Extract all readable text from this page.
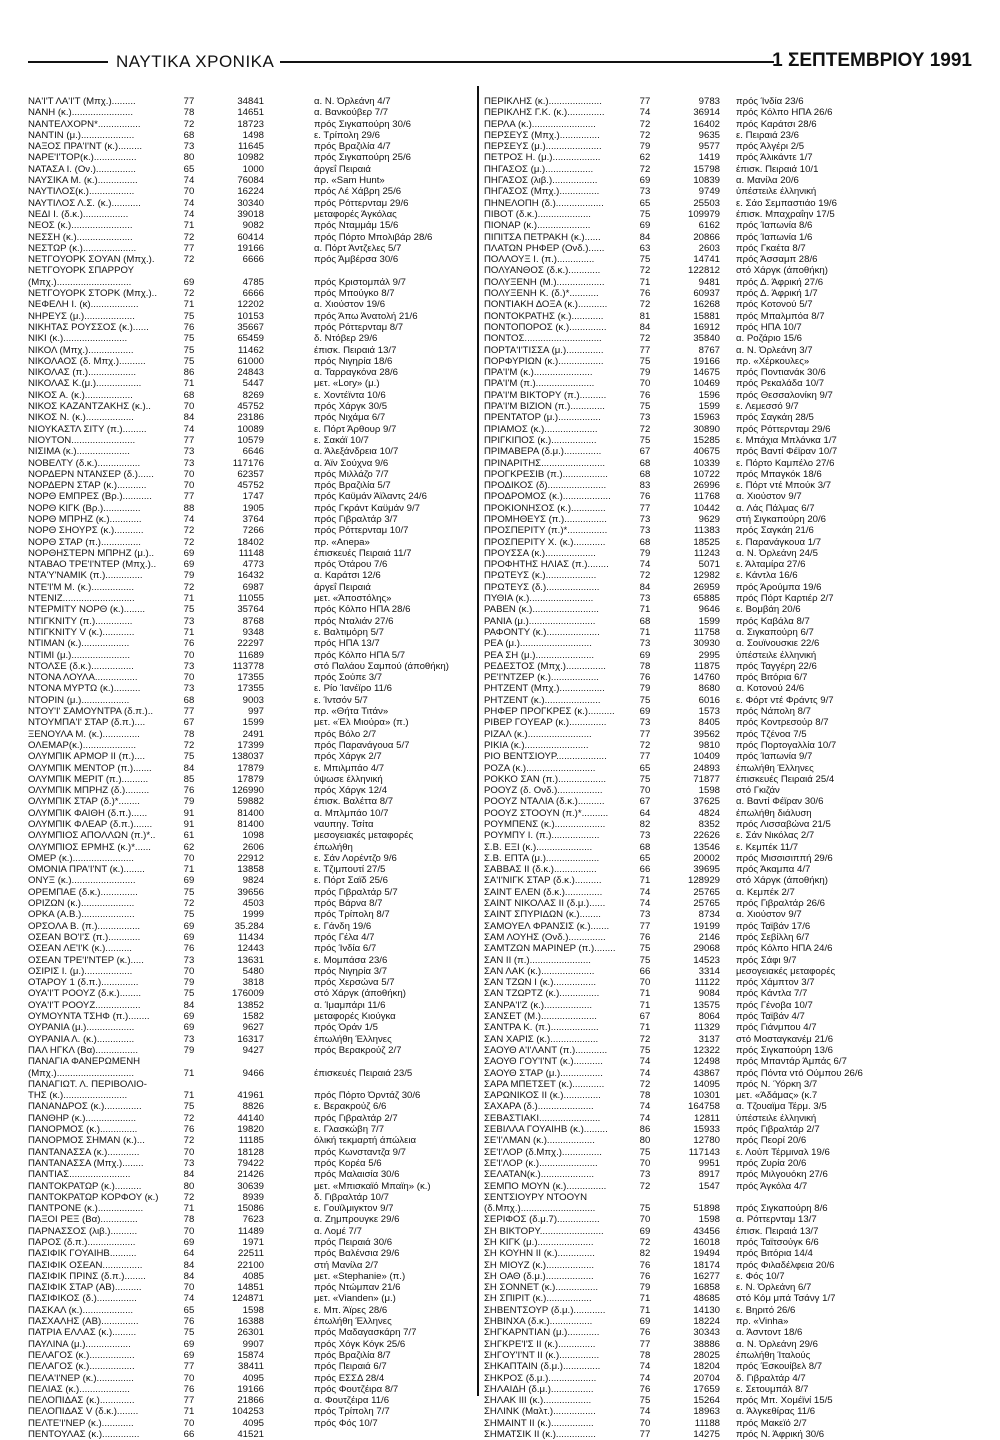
ΝΑΥΤΙΚΑ ΧΡΟΝΙΚΑ	1 ΣΕΠΤΕΜΒΡΙΟΥ 1991
ΝΑ'Ι'Τ ΛΑ'Ι'Τ (Μπχ.).........	77	34841	α. Ν. Όρλεάνη 4/7
ΝΑΝΗ (κ.).......................	78	14651	α. Βανκούβερ 7/7
ΝΑΝΤΕΛΧΟΡΝ*................	72	18723	πρός Σιγκαπούρη 30/6
ΝΑΝΤΙΝ (μ.)....................	68	1498	ε. Τρίπολη 29/6
ΝΑΞΟΣ ΠΡΑ'Ι'ΝΤ (κ.).........	73	11645	πρός Βραζιλία 4/7
ΝΑΡΕ'Ι'ΤΟΡ(κ.)................	80	10982	πρός Σιγκαπούρη 25/6
ΝΑΤΑΣΑ Ι. (Ον.)...............	65	1000	άργεΐ Πειραιά
ΝΑΥΣΙΚΑ Μ. (κ.)...............	74	76084	πρ. «Sam Hunt»
ΝΑΥΤΙΛΟΣ(κ.).................	70	16224	πρός Λέ Χάβρη 25/6
ΝΑΥΤΙΛΟΣ Λ.Σ. (κ.)...........	74	30340	πρός Ρόττερνταμ 29/6
ΝΕΔΙ Ι. (δ.κ.).................	74	39018	μεταφορές Άγκόλας
ΝΕΟΣ (κ.).......................	71	9082	πρός Νταμμάμ 15/6
ΝΕΣΣΗ (κ.).....................	72	60414	πρός Πόρτο Μπολιβάρ 28/6
ΝΕΣΤΩΡ (κ.)....................	77	19166	α. Πόρτ Άντζελες 5/7
ΝΕΤΓΟΥΟΡΚ ΣΟΥΑΝ (Μπχ.).	72	6666	πρός Άμβέρσα 30/6
ΝΕΤΓΟΥΟΡΚ ΣΠΑΡΡΟΥ
(Μπχ.)............................	69	4785	πρός Κριστομπάλ 9/7
ΝΕΤΓΟΥΟΡΚ ΣΤΟΡΚ (Μπχ.)..	72	6666	πρός Μπούγκο 8/7
ΝΕΦΕΛΗ Ι. (κ)..................	71	12202	α. Χιούστον 19/6
ΝΗΡΕΥΣ (μ.)...................	75	10153	πρός Άπω Άνατολή 21/6
ΝΙΚΗΤΑΣ ΡΟΥΣΣΟΣ (κ.)......	76	35667	πρός Ρόττερνταμ 8/7
ΝΙΚΙ (κ.)........................	75	65459	δ. Ντόβερ 29/6
ΝΙΚΟΛ (Μπχ.).................	75	11462	έπισκ. Πειραιά 13/7
ΝΙΚΟΛΑΟΣ (δ. Μπχ.)..........	75	61000	πρός Νιγηρία 18/6
ΝΙΚΟΛΑΣ (π.)..................	86	24843	α. Ταρραγκόνα 28/6
ΝΙΚΟΛΑΣ Κ.(μ.).................	71	5447	μετ. «Lory» (μ.)
ΝΙΚΟΣ Α. (κ.)..................	68	8269	ε. Χοντέϊντα 10/6
ΝΙΚΟΣ ΚΑΖΑΝΤΖΑΚΗΣ (κ.)..	70	45752	πρός Χάργκ 30/5
ΝΙΚΟΣ Ν. (κ.)..................	84	23186	πρός Νιχάμα 6/7
ΝΙΟΥΚΑΣΤΛ ΣΙΤΥ (π.).........	74	10089	ε. Πόρτ Άρθουρ 9/7
ΝΙΟΥΤΟΝ........................	77	10579	ε. Σακάϊ 10/7
ΝΙΣΙΜΑ (κ.)....................	73	6646	α. Άλεξάνδρεια 10/7
ΝΟΒΕΛΤΥ (δ.κ.)................	73	117176	α. Άϊν Σούχνα 9/6
ΝΟΡΔΕΡΝ ΝΤΑΝΣΕΡ (δ.)......	70	62357	πρός Μιλλάζο 7/7
ΝΟΡΔΕΡΝ ΣΤΑΡ (κ.)...........	70	45752	πρός Βραζιλία 5/7
ΝΟΡΘ ΕΜΠΡΕΣ (Βρ.)...........	77	1747	πρός Καϋμάν Άϊλαντς 24/6
ΝΟΡΘ ΚΙΓΚ (Βρ.)..............	88	1905	πρός Γκράντ Καϋμάν 9/7
ΝΟΡΘ ΜΠΡΗΖ (κ.)............	74	3764	πρός Γιβραλτάρ 3/7
ΝΟΡΘ ΣΗΟΥΡΣ (κ.)...........	72	7266	πρός Ρόττερνταμ 10/7
ΝΟΡΘ ΣΤΑΡ (π.)...............	72	18402	πρ. «Anepa»
ΝΟΡΘΗΣΤΕΡΝ ΜΠΡΗΖ (μ.)..	69	11148	έπισκευές Πειραιά 11/7
ΝΤΑΒΑΟ ΤΡΕ'Ι'ΝΤΕΡ (Μπχ.)..	69	4773	πρός Ότάρου 7/6
ΝΤΑ'Υ'ΝΑΜΙΚ (π.)..............	79	16432	α. Καράτσι 12/6
ΝΤΕ'Ι'Μ Μ. (κ.)................	72	6987	άργεΐ Πειραιά
ΝΤΕΝΙΖ...........................	71	11055	μετ. «Άποστόλης»
ΝΤΕΡΜΙΤΥ ΝΟΡΘ (κ.)........	75	35764	πρός Κόλπο ΗΠΑ 28/6
ΝΤΙΓΚΝΙΤΥ (π.)..............	73	8768	πρός Νταλιάν 27/6
ΝΤΙΓΚΝΙΤΥ V (κ.)............	71	9348	ε. Βαλτιμόρη 5/7
ΝΤΙΜΑΝ (κ.)..................	76	22297	πρός ΗΠΑ 13/7
ΝΤΙΜΙ (μ.)......................	70	11689	πρός Κόλπο ΗΠΑ 5/7
ΝΤΟΛΣΕ (δ.κ.)................	73	113778	στό Παλάου Σαμπού (άποθήκη)
ΝΤΟΝΑ ΛΟΥΛΑ................	70	17355	πρός Σούπε 3/7
ΝΤΟΝΑ ΜΥΡΤΩ (κ.)..........	73	17355	ε. Ρίο Ίανέϊρο 11/6
ΝΤΟΡΙΝ (μ.)..................	68	9003	ε. Ίντσόν 5/7
ΝΤΟΥ'Ι' ΣΑΜΟΥΝΤΡΑ (δ.π.)..	77	997	πρ. «Θήτα Τιτάν»
ΝΤΟΥΜΠΑ'Ι' ΣΤΑΡ (δ.π.)....	67	1599	μετ. «Έλ Μιούρα» (π.)
ΞΕΝΟΥΛΑ Μ. (κ.)..............	78	2491	πρός Βόλο 2/7
ΟΛΕΜΑΡ(κ.)....................	72	17399	πρός Παρανάγουα 5/7
ΟΛΥΜΠΙΚ ΑΡΜΟΡ ΙΙ (π.)....	75	138037	πρός Χάργκ 2/7
ΟΛΥΜΠΙΚ ΜΕΝΤΟΡ (π.).......	84	17879	ε. Μπιλμπάο 4/7
ΟΛΥΜΠΙΚ ΜΕΡΙΤ (π.)..........	85	17879	ύψωσε έλληνική
ΟΛΥΜΠΙΚ ΜΠΡΗΖ (δ.).........	76	126990	πρός Χάργκ 12/4
ΟΛΥΜΠΙΚ ΣΤΑΡ (δ.)*........	79	59882	έπισκ. Βαλέττα 8/7
ΟΛΥΜΠΙΚ ΦΑΙΘΗ (δ.π.)......	91	81400	α. Μπλμπάο 10/7
ΟΛΥΜΠΙΚ ΦΛΕΑΡ (δ.π.).......	91	81400	ναυπηγ. Τσίτα
ΟΛΥΜΠΙΟΣ ΑΠΟΛΛΩΝ (π.)*..	61	1098	μεσογειακές μεταφορές
ΟΛΥΜΠΙΟΣ ΕΡΜΗΣ (κ.)*......	62	2606	έπωλήθη
ΟΜΕΡ (κ.).......................	70	22912	ε. Σάν Λορέντζο 9/6
ΟΜΟΝΙΑ ΠΡΑ'Ι'ΝΤ (κ.)........	71	13858	ε. Τζιμπουτί 27/5
ΟΝΥΞ (κ.)........................	69	9824	ε. Πόρτ Σαϊδ 25/6
ΟΡΕΜΠΑΕ (δ.κ.)..............	75	39656	πρός Γιβραλτάρ 5/7
ΟΡΙΖΩΝ (κ.)....................	72	4503	πρός Βάρνα 8/7
ΟΡΚΑ (Α.Β.)....................	75	1999	πρός Τρίπολη 8/7
ΟΡΣΟΛΑ Β. (π.)................	69	35.284	ε. Γάνδη 19/6
ΟΣΕΑΝ ΒΟ'Ι'Σ (π.)............	69	11434	πρός Γέλα 4/7
ΟΣΕΑΝ ΛΕ'Ι'Κ (κ.)..........	76	12443	πρός Ίνδία 6/7
ΟΣΕΑΝ ΤΡΕ'Ι'ΝΤΕΡ (κ.).....	73	13631	ε. Μομπάσα 23/6
ΟΣΙΡΙΣ Ι. (μ.)..................	70	5480	πρός Νιγηρία 3/7
ΟΤΑΡΟΥ 1 (δ.π.)..............	79	3818	πρός Χερσώνα 5/7
ΟΥΑ'Ι'Τ ΡΟΟΥΖ (δ.κ.)........	75	176009	στό Χάργκ (άποθήκη)
ΟΥΑ'Ι'Τ ΡΟΟΥΖ.................	84	13852	α. Ίμαμπάρι 11/6
ΟΥΜΟΥΝΤΑ ΤΣΗΦ (π.)........	69	1582	μεταφορές Κιούγκα
ΟΥΡΑΝΙΑ (μ.)..................	69	9627	πρός Όράν 1/5
ΟΥΡΑΝΙΑ Λ. (κ.)..............	73	16317	έπωλήθη Έλληνες
ΠΑΛ ΗΓΚΛ (Βα)................	79	9427	πρός Βερακρούζ 2/7
ΠΑΝΑΓΙΑ ΦΑΝΕΡΩΜΕΝΗ
(Μπχ.).............................	71	9466	έπισκευές Πειραιά 23/5
ΠΑΝΑΓΙΩΤ. Λ. ΠΕΡΙΒΟΛΙΟ-
ΤΗΣ (κ.)........................	71	41961	πρός Πόρτο Όρντάζ 30/6
ΠΑΝΑΝΔΡΟΣ (κ.)..............	75	8826	ε. Βερακρούζ 6/6
ΠΑΝΘΗΡ (κ.)...................	72	44140	πρός Γιβραλτάρ 2/7
ΠΑΝΟΡΜΟΣ (κ.)..............	76	19820	ε. Γλασκώβη 7/7
ΠΑΝΟΡΜΟΣ ΣΗΜΑΝ (κ.)...	72	11185	όλική τεκμαρτή άπώλεια
ΠΑΝΤΑΝΑΣΣΑ (κ.)............	70	18128	πρός Κωνσταντζα 9/7
ΠΑΝΤΑΝΑΣΣΑ (Μπχ.)........	73	79422	πρός Κορέα 5/6
ΠΑΝΤΙΑΣ.......................	84	21426	πρός Μαλαισία 30/6
ΠΑΝΤΟΚΡΑΤΩΡ (κ.)..........	80	30639	μετ. «Μπισκαϊό Μπαϊη» (κ.)
ΠΑΝΤΟΚΡΑΤΩΡ ΚΟΡΦΟΥ (κ.)	72	8939	δ. Γιβραλτάρ 10/7
ΠΑΝΤΡΟΝΕ (κ.).................	71	15086	ε. Γουϊλμιγκτον 9/7
ΠΑΞΟΙ ΡΕΞ (Βα)..............	78	7623	α. Ζημπρουγκε 29/6
ΠΑΡΝΑΣΣΟΣ (λιβ.)..........	70	11489	α. Λομέ 7/7
ΠΑΡΟΣ (δ.π.)..................	69	1971	πρός Πειραιά 30/6
ΠΑΣΙΦΙΚ ΓΟΥΑΙΗΒ..........	64	22511	πρός Βαλένσια 29/6
ΠΑΣΙΦΙΚ ΟΣΕΑΝ...............	84	22100	στή Μανίλα 2/7
ΠΑΣΙΦΙΚ ΠΡΙΝΣ (δ.π.)........	84	4085	μετ. «Stephanie» (π.)
ΠΑΣΙΦΙΚ ΣΤΑΡ (ΑΒ)..........	70	14851	πρός Ντώμπαν 21/6
ΠΑΣΙΦΙΚΟΣ (δ.)...............	74	124871	μετ. «Vianden» (μ.)
ΠΑΣΚΑΛ (κ.)...................	65	1598	ε. Μπ. Άϊρες 28/6
ΠΑΣΧΑΛΗΣ (ΑΒ)..............	76	16388	έπωλήθη Έλληνες
ΠΑΤΡΙΑ ΕΛΛΑΣ (κ.).........	75	26301	πρός Μαδαγασκάρη 7/7
ΠΑΥΛΙΝΑ (μ.).................	69	9907	πρός Χόγκ Κόγκ 25/6
ΠΕΛΑΓΟΣ (κ.).................	69	15874	πρός Βραζιλία 8/7
ΠΕΛΑΓΟΣ (κ.).................	77	38411	πρός Πειραιά 6/7
ΠΕΛΑ'Ι'ΝΕΡ (κ.)..............	70	4095	πρός ΕΣΣΔ 28/4
ΠΕΛΙΑΣ (κ.)...................	76	19166	πρός Φουτζέιρα 8/7
ΠΕΛΟΠΙΔΑΣ (κ.).............	77	21866	α. Φουτζέιρα 11/6
ΠΕΛΟΠΙΔΑΣ V (δ.κ.)........	71	104253	πρός Τρίπολη 7/7
ΠΕΛΤΕ'Ι'ΝΕΡ (κ.)............	70	4095	πρός Φός 10/7
ΠΕΝΤΟΥΛΑΣ (κ.)..............	66	41521
ΠΕΡΙΚΛΗΣ (κ.)....................	77	9783 πρός Ίνδία 23/6
ΠΕΡΙΚΛΗΣ Γ.Κ. (κ.)..............	74	36914 πρός Κόλπο ΗΠΑ 26/6
ΠΕΡΛΑ (κ.)........................	72	16402 πρός Καράτσι 28/6
ΠΕΡΣΕΥΣ (Μπχ.)...............	72	9635 ε. Πειραιά 23/6
ΠΕΡΣΕΥΣ (μ.).....................	79	9577 πρός Άλγέρι 2/5
ΠΕΤΡΟΣ Η. (μ.)..................	62	1419 πρός Άλικάντε 1/7
ΠΗΓΑΣΟΣ (μ.)..................	72	15798 έπισκ. Πειραιά 10/1
ΠΗΓΑΣΟΣ (λιβ.).................	69	10839 α. Μανίλα 20/6
ΠΗΓΑΣΟΣ (Μπχ.)...............	73	9749 ύπέστειλε έλληνική
ΠΗΝΕΛΟΠΗ (δ.)..................	65	25503 ε. Σάο Σεμπαστιάο 19/6
ΠΙΒΟΤ (δ.κ.)....................	75	109979 έπισκ. Μπαχραΐην 17/5
ΠΙΟΝΑΡ (κ.)....................	69	6162 πρός Ίαπωνία 8/6
ΠΙΠΙΤΣΑ ΠΕΤΡΑΚΗ (κ.)......	84	20866 πρός Ίαπωνία 1/6
ΠΛΑΤΩΝ ΡΗΦΕΡ (Ονδ.)......	63	2603 πρός Γκαέτα 8/7
ΠΟΛΛΟΥΞ Ι. (π.)..............	75	14741 πρός Άσσαμπ 28/6
ΠΟΛΥΑΝΘΟΣ (δ.κ.)............	72	122812 στό Χάργκ (άποθήκη)
ΠΟΛΥΞΕΝΗ (Μ.)..................	71	9481 πρός Δ. Άφρική 27/6
ΠΟΛΥΞΕΝΗ Κ. (δ.)*...........	76	60937 πρός Δ. Άφρική 1/7
ΠΟΝΤΙΑΚΗ ΔΟΞΑ (κ.)...........	72	16268 πρός Κοτονού 5/7
ΠΟΝΤΟΚΡΑΤΗΣ (κ.)............	81	15881 πρός Μπαλμπόα 8/7
ΠΟΝΤΟΠΟΡΟΣ (κ.)..............	84	16912 πρός ΗΠΑ 10/7
ΠΟΝΤΟΣ.............................	72	35840 α. Ροζάριο 15/6
ΠΟΡΤΑ'Ι'ΤΙΣΣΑ (μ.)..............	77	8767 α. Ν. Όρλεάνη 3/7
ΠΟΡΦΥΡΙΩΝ (κ.).................	75	19166 πρ. «Χέρκουλες»
ΠΡΑ'Ι'Μ (κ.)......................	79	14675 πρός Ποντιανάκ 30/6
ΠΡΑ'Ι'Μ (π.)......................	70	10469 πρός Ρεκαλάδα 10/7
ΠΡΑ'Ι'Μ ΒΙΚΤΟΡΥ (π.)..........	76	1596 πρός Θεσσαλονίκη 9/7
ΠΡΑ'Ι'Μ ΒΙΖΙΟΝ (π.).............	75	1599 ε. Λεμεσσό 9/7
ΠΡΕΝΤΑΤΟΡ (μ.)................	73	15963 πρός Σαγκάη 28/5
ΠΡΙΑΜΟΣ (κ.)....................	72	30890 πρός Ρόττερνταμ 29/6
ΠΡΙΓΚΙΠΟΣ (κ.).................	75	15285 ε. Μπάχια Μπλάνκα 1/7
ΠΡΙΜΑΒΕΡΑ (δ.μ.)..............	67	40675 πρός Βαντί Φέϊραν 10/7
ΠΡΙΝΑΡΙΤΗΣ........................	68	10339 ε. Πόρτο Καμπέλο 27/6
ΠΡΟΓΚΡΕΣΙΒ (π.).................	68	10722 πρός Μπαγκόκ 18/6
ΠΡΟΔΙΚΟΣ (δ)......................	83	26996 ε. Πόρτ ντέ Μπούκ 3/7
ΠΡΟΔΡΟΜΟΣ (κ.)..................	76	11768 α. Χιούστον 9/7
ΠΡΟΚΙΟΝΗΣΟΣ (κ.).............	77	10442 α. Λάς Πάλμας 6/7
ΠΡΟΜΗΘΕΥΣ (π.)................	73	9629 στή Σιγκαπούρη 20/6
ΠΡΟΣΠΕΡΙΤΥ (π.)*...............	73	11383 πρός Σαγκάη 21/6
ΠΡΟΣΠΕΡΙΤΥ Χ. (κ.)............	68	18525 ε. Παρανάγκουα 1/7
ΠΡΟΥΣΣΑ (κ.)...................	79	11243 α. Ν. Όρλεάνη 24/5
ΠΡΟΦΗΤΗΣ ΗΛΙΑΣ (π.)........	74	5071 ε. Άλταμίρα 27/6
ΠΡΩΤΕΥΣ (κ.)...................	72	12982 ε. Κάντλα 16/6
ΠΡΩΤΕΥΣ (δ.)....................	84	26959 πρός Άρούμπα 19/6
ΠΥΘΙΑ (κ.)........................	73	65885 πρός Πόρτ Καρτιέρ 2/7
ΡΑΒΕΝ (κ.).........................	71	9646 ε. Βομβάη 20/6
ΡΑΝΙΑ (μ.).........................	68	1599 πρός Καβάλα 8/7
ΡΑΦΟΝΤΥ (κ.)....................	71	11758 α. Σιγκαπούρη 6/7
ΡΕΑ (μ.)...........................	73	30930 α. Σουϊνουσκιε 22/6
ΡΕΑ ΣΗ (μ.)......................	69	2995 ύπέστειλε έλληνική
ΡΕΔΕΣΤΟΣ (Μπχ.)...............	78	11875 πρός Ταγγέρη 22/6
ΡΕ'Ι'ΝΤΖΕΡ (κ.)..................	76	14760 πρός Βιτόρια 6/7
ΡΗΤΖΕΝΤ (Μπχ.).................	79	8680 α. Κοτονού 24/6
ΡΗΤΖΕΝΤ (κ.).....................	75	6016 ε. Φόρτ ντέ Φράντς 9/7
ΡΗΦΕΡ ΠΡΟΓΚΡΕΣ (κ.)..........	69	1573 πρός Νάπολη 8/7
ΡΙΒΕΡ ΓΟΥΕΑΡ (κ.)..............	73	8405 πρός Κοντρεσούρ 8/7
ΡΙΖΑΛ (κ.)........................	77	39562 πρός Τζένοα 7/5
ΡΙΚΙΑ (κ.)........................	72	9810 πρός Πορτογαλλία 10/7
ΡΙΟ ΒΕΝΤΣΙΟΥΡ...................	77	10409 πρός Ίαπωνία 9/7
ΡΟΖΑ (κ.)..........................	65	24893 έπωλήθη Έλληνες
ΡΟΚΚΟ ΣΑΝ (π.)..................	75	71877 έπισκευές Πειραιά 25/4
ΡΟΟΥΖ (δ. Ονδ.).................	70	1598 στό Γκιζάν
ΡΟΟΥΖ ΝΤΑΛΙΑ (δ.κ.)..........	67	37625 α. Βαντί Φέϊραν 30/6
ΡΟΟΥΖ ΣΤΟΟΥΝ (π.)*..........	64	4824 έπωλήθη διάλυση
ΡΟΥΜΠΕΝΣ (κ.)...................	82	8352 πρός Λισσαβώνα 21/5
ΡΟΥΜΠΥ Ι. (π.)..................	73	22626 ε. Σάν Νικόλας 2/7
Σ.Β. ΕΞΙ (κ.).....................	68	13546 ε. Κεμπέκ 11/7
Σ.Β. ΕΠΤΑ (μ.)....................	65	20002 πρός Μισσισιππή 29/6
ΣΑΒΒΑΣ ΙΙ (δ.κ.)................	66	39695 πρός Άκαμπα 4/7
ΣΑ'Ι'ΝΙΓΚ ΣΤΑΡ (δ.κ.)..........	71	128929 στό Χάργκ (άποθήκη)
ΣΑΙΝΤ ΕΛΕΝ (δ.κ.)..............	74	25765 α. Κεμπέκ 2/7
ΣΑΙΝΤ ΝΙΚΟΛΑΣ ΙΙ (δ.μ.)......	74	25765 πρός Γιβραλτάρ 26/6
ΣΑΙΝΤ ΣΠΥΡΙΔΩΝ (κ.)........	73	8734 α. Χιούστον 9/7
ΣΑΜΟΥΕΛ ΦΡΑΝΣΙΣ (κ.).......	77	19199 πρός Ταϊβάν 17/6
ΣΑΜ ΛΟΥΗΣ (Ονδ.)..............	76	2146 πρός Σεβίλλη 6/7
ΣΑΜΤΖΩΝ ΜΑΡΙΝΕΡ (π.)........	75	29068 πρός Κόλπο ΗΠΑ 24/6
ΣΑΝ ΙΙ (π.).......................	75	14523 πρός Σάφι 9/7
ΣΑΝ ΛΑΚ (κ.)....................	66	3314 μεσογειακές μεταφορές
ΣΑΝ ΤΖΩΝ Ι (κ.)................	70	11122 πρός Χάμπτον 3/7
ΣΑΝ ΤΖΩΡΤΖ (κ.)...............	71	9084 πρός Κάντλα 7/7
ΣΑΝΡΑ'Ι'Ζ (κ.)..................	71	13575 πρός Γένοβα 10/7
ΣΑΝΣΕΤ (Μ.).....................	67	8064 πρός Ταϊβάν 4/7
ΣΑΝΤΡΑ Κ. (π.)..................	71	11329 πρός Γιάνμπου 4/7
ΣΑΝ ΧΑΡΙΣ (κ.)..................	72	3137 στό Μοσταγκανέμ 21/6
ΣΑΟΥΘ Α'Ι'ΛΑΝΤ (π.)............	75	12322 πρός Σιγκαπούρη 13/6
ΣΑΟΥΘ ΓΟΥ'Ι'ΝΤ (κ.)...........	74	12498 πρός Μπαντάρ Άμπάς 6/7
ΣΑΟΥΘ ΣΤΑΡ (μ.)................	74	43867 πρός Πόντα ντό Ούμπου 26/6
ΣΑΡΑ ΜΠΕΤΣΕΤ (κ.)............	72	14095 πρός Ν. Ύόρκη 3/7
ΣΑΡΩΝΙΚΟΣ ΙΙ (κ.)..............	78	10301 μετ. «Άδάμας» (κ.7
ΣΑΧΑΡΑ (δ.).....................	74	164758 α. Τζουαϊμα Τέρμ. 3/5
ΣΕΒΑΣΤΙΑΚΙ.......................	74	12811 ύπέστειλε έλληνική
ΣΕΒΙΛΛΑ ΓΟΥΑΙΗΒ (κ.).........	86	15933 πρός Γιβραλτάρ 2/7
ΣΕ'Ι'ΛΜΑΝ (κ.)..................	80	12780 πρός Πεορί 20/6
ΣΕ'Ι'ΛΟΡ (δ.Μπχ.)...............	75	117143 ε. Λούπ Τέρμιναλ 19/6
ΣΕ'Ι'ΛΟΡ (κ.)......................	70	9951 πρός Ζυρία 20/6
ΣΕΛΑΤΑΝ(κ.)....................	73	8917 πρός Μιλγουόκη 27/6
ΣΕΜΠΟ ΜΟΥΝ (κ.)...............	72	1547 πρός Άγκόλα 4/7
ΣΕΝΤΣΙΟΥΡΥ ΝΤΟΟΥΝ
(δ.Μπχ.)............................	75	51898 πρός Σιγκαπούρη 8/6
ΣΕΡΙΦΟΣ (δ.μ.7)................	70	1598 α. Ρόττερνταμ 13/7
ΣΗ ΒΙΚΤΟΡΥ........................	69	43456 έπισκ. Πειραιά 13/7
ΣΗ ΚΙΓΚ (μ.).....................	72	16018 πρός Ταϊτσούγκ 6/6
ΣΗ ΚΟΥΗΝ ΙΙ (κ.)..............	82	19494 πρός Βιτόρια 14/4
ΣΗ ΜΙΟΥΖ (κ.)..................	76	18174 πρός Φιλαδέλφεια 20/6
ΣΗ ΟΑΘ (δ.μ.)..................	76	16277 ε. Φός 10/7
ΣΗ ΣΟΝΝΕΤ (κ.)................	79	16858 ε. Ν. Όρλεάνη 6/7
ΣΗ ΣΠΙΡΙΤ (κ.).................	71	48685 στό Κόμ μπά Τσάνγ 1/7
ΣΗΒΕΝΤΣΟΥΡ (δ.μ.)............	71	14130 ε. Βηριτό 26/6
ΣΗΒΙΝΧΑ (δ.κ.)................	69	18224 πρ. «Vinha»
ΣΗΓΚΑΡΝΤΙΑΝ (μ.)............	76	30343 α. Άσντοντ 18/6
ΣΗΓΚΡΕ'Ι'Σ ΙΙ (κ.)..............	77	38886 α. Ν. Όρλεάνη 29/6
ΣΗΓΟΥ'Ι'ΝΤ ΙΙ (κ.)...............	78	28025 έπωλήθη Ίταλούς
ΣΗΚΑΠΤΑΙΝ (δ.μ.)..............	74	18204 πρός Έσκουίβελ 8/7
ΣΗΚΡΟΣ (δ.μ.)..................	74	20704 δ. Γιβραλτάρ 4/7
ΣΗΛΑΙΔΗ (δ.μ.)................	76	17659 ε. Σετουμπάλ 8/7
ΣΗΛΑΚ ΙΙΙ (κ.)..................	75	15264 πρός Μπ. Χομέϊνί 15/5
ΣΗΛΙΝΚ (Μαλτ.)................	74	18963 α. Άλγκεθίρας 11/6
ΣΗΜΑΙΝΤ ΙΙ (κ.)................	70	11188 πρός Μακεϊό 2/7
ΣΗΜΑΤΣΙΚ ΙΙ (κ.)...............	77	14275 πρός Ν. Άφρική 30/6
